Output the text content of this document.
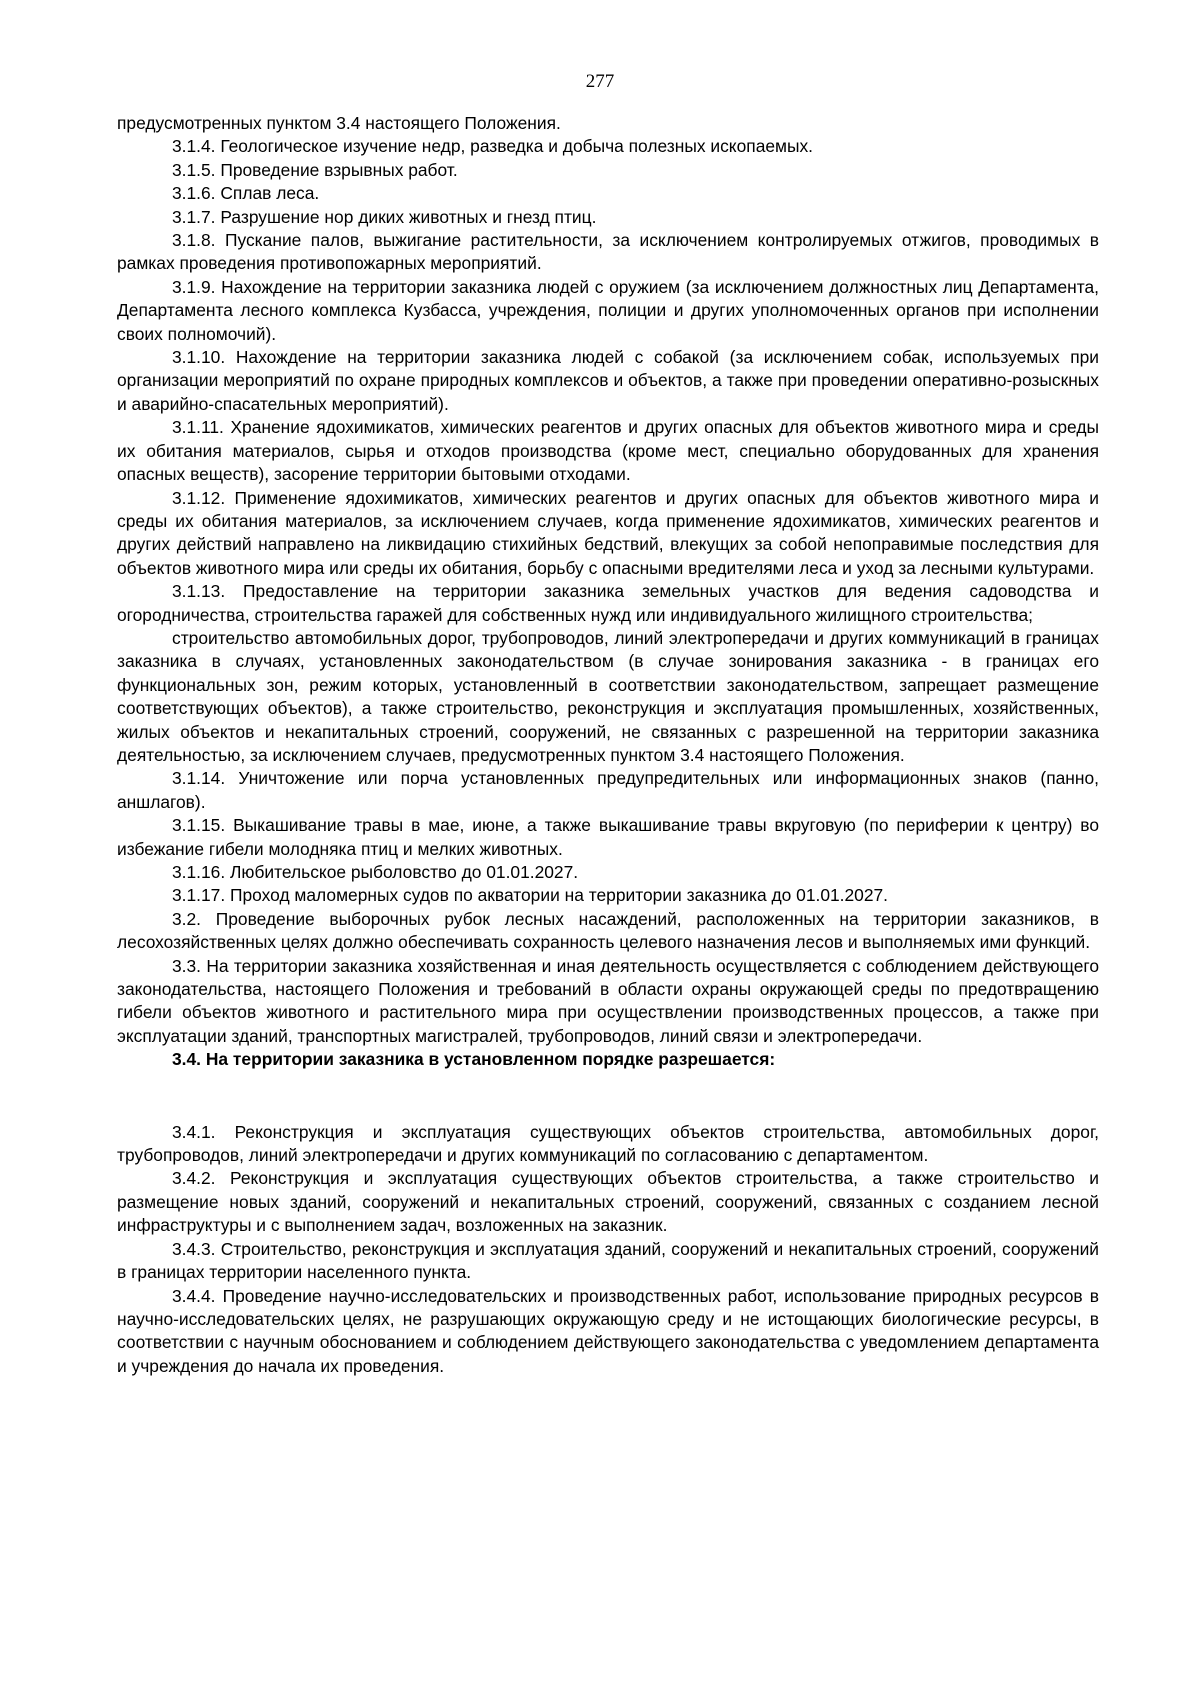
277

предусмотренных пунктом 3.4 настоящего Положения.

3.1.4. Геологическое изучение недр, разведка и добыча полезных ископаемых.

3.1.5. Проведение взрывных работ.

3.1.6. Сплав леса.

3.1.7. Разрушение нор диких животных и гнезд птиц.

3.1.8. Пускание палов, выжигание растительности, за исключением контролируемых отжигов, проводимых в рамках проведения противопожарных мероприятий.

3.1.9. Нахождение на территории заказника людей с оружием (за исключением должностных лиц Департамента, Департамента лесного комплекса Кузбасса, учреждения, полиции и других уполномоченных органов при исполнении своих полномочий).

3.1.10. Нахождение на территории заказника людей с собакой (за исключением собак, используемых при организации мероприятий по охране природных комплексов и объектов, а также при проведении оперативно-розыскных и аварийно-спасательных мероприятий).

3.1.11. Хранение ядохимикатов, химических реагентов и других опасных для объектов животного мира и среды их обитания материалов, сырья и отходов производства (кроме мест, специально оборудованных для хранения опасных веществ), засорение территории бытовыми отходами.

3.1.12. Применение ядохимикатов, химических реагентов и других опасных для объектов животного мира и среды их обитания материалов, за исключением случаев, когда применение ядохимикатов, химических реагентов и других действий направлено на ликвидацию стихийных бедствий, влекущих за собой непоправимые последствия для объектов животного мира или среды их обитания, борьбу с опасными вредителями леса и уход за лесными культурами.

3.1.13. Предоставление на территории заказника земельных участков для ведения садоводства и огородничества, строительства гаражей для собственных нужд или индивидуального жилищного строительства;

строительство автомобильных дорог, трубопроводов, линий электропередачи и других коммуникаций в границах заказника в случаях, установленных законодательством (в случае зонирования заказника - в границах его функциональных зон, режим которых, установленный в соответствии законодательством, запрещает размещение соответствующих объектов), а также строительство, реконструкция и эксплуатация промышленных, хозяйственных, жилых объектов и некапитальных строений, сооружений, не связанных с разрешенной на территории заказника деятельностью, за исключением случаев, предусмотренных пунктом 3.4 настоящего Положения.

3.1.14. Уничтожение или порча установленных предупредительных или информационных знаков (панно, аншлагов).

3.1.15. Выкашивание травы в мае, июне, а также выкашивание травы вкруговую (по периферии к центру) во избежание гибели молодняка птиц и мелких животных.

3.1.16. Любительское рыболовство до 01.01.2027.

3.1.17. Проход маломерных судов по акватории на территории заказника до 01.01.2027.

3.2. Проведение выборочных рубок лесных насаждений, расположенных на территории заказников, в лесохозяйственных целях должно обеспечивать сохранность целевого назначения лесов и выполняемых ими функций.

3.3. На территории заказника хозяйственная и иная деятельность осуществляется с соблюдением действующего законодательства, настоящего Положения и требований в области охраны окружающей среды по предотвращению гибели объектов животного и растительного мира при осуществлении производственных процессов, а также при эксплуатации зданий, транспортных магистралей, трубопроводов, линий связи и электропередачи.

3.4. На территории заказника в установленном порядке разрешается:

3.4.1. Реконструкция и эксплуатация существующих объектов строительства, автомобильных дорог, трубопроводов, линий электропередачи и других коммуникаций по согласованию с департаментом.

3.4.2. Реконструкция и эксплуатация существующих объектов строительства, а также строительство и размещение новых зданий, сооружений и некапитальных строений, сооружений, связанных с созданием лесной инфраструктуры и с выполнением задач, возложенных на заказник.

3.4.3. Строительство, реконструкция и эксплуатация зданий, сооружений и некапитальных строений, сооружений в границах территории населенного пункта.

3.4.4. Проведение научно-исследовательских и производственных работ, использование природных ресурсов в научно-исследовательских целях, не разрушающих окружающую среду и не истощающих биологические ресурсы, в соответствии с научным обоснованием и соблюдением действующего законодательства с уведомлением департамента и учреждения до начала их проведения.
